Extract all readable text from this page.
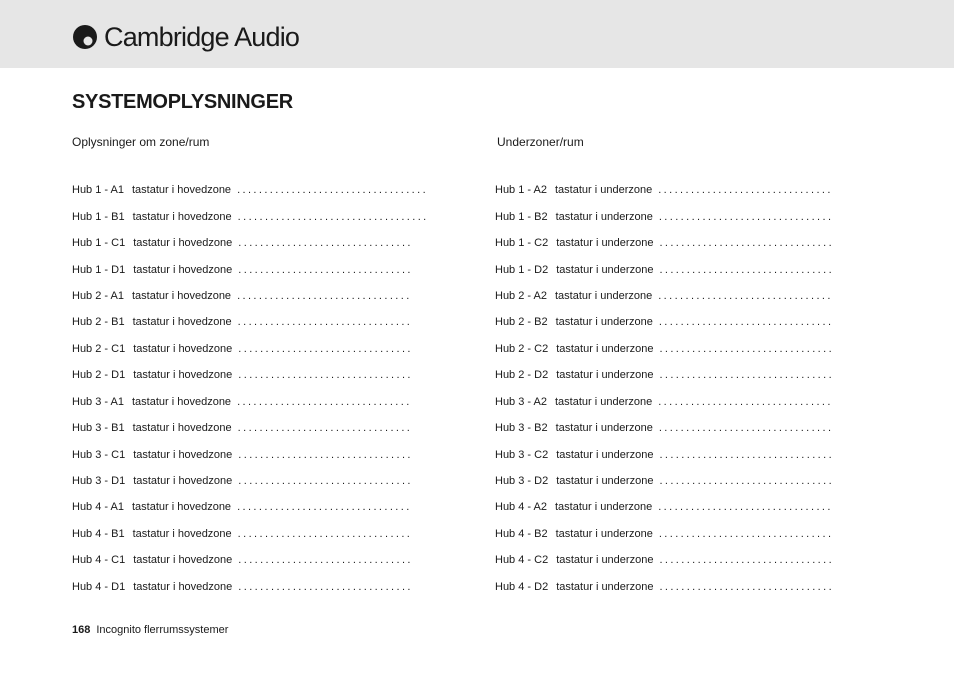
Cambridge Audio
SYSTEMOPLYSNINGER
Oplysninger om zone/rum	Underzoner/rum
Hub 1 - A1 tastatur i hovedzone ...................................
Hub 1 - B1 tastatur i hovedzone ...................................
Hub 1 - C1 tastatur i hovedzone ................................
Hub 1 - D1 tastatur i hovedzone ................................
Hub 2 - A1 tastatur i hovedzone ................................
Hub 2 - B1 tastatur i hovedzone ................................
Hub 2 - C1 tastatur i hovedzone ................................
Hub 2 - D1 tastatur i hovedzone ................................
Hub 3 - A1 tastatur i hovedzone ................................
Hub 3 - B1 tastatur i hovedzone ................................
Hub 3 - C1 tastatur i hovedzone ................................
Hub 3 - D1 tastatur i hovedzone ................................
Hub 4 - A1 tastatur i hovedzone ................................
Hub 4 - B1 tastatur i hovedzone ................................
Hub 4 - C1 tastatur i hovedzone ................................
Hub 4 - D1 tastatur i hovedzone ................................
Hub 1 - A2 tastatur i underzone ................................
Hub 1 - B2 tastatur i underzone ................................
Hub 1 - C2 tastatur i underzone ................................
Hub 1 - D2 tastatur i underzone ................................
Hub 2 - A2 tastatur i underzone ................................
Hub 2 - B2 tastatur i underzone ................................
Hub 2 - C2 tastatur i underzone ................................
Hub 2 - D2 tastatur i underzone ................................
Hub 3 - A2 tastatur i underzone ................................
Hub 3 - B2 tastatur i underzone ................................
Hub 3 - C2 tastatur i underzone ................................
Hub 3 - D2 tastatur i underzone ................................
Hub 4 - A2 tastatur i underzone ................................
Hub 4 - B2 tastatur i underzone ................................
Hub 4 - C2 tastatur i underzone ................................
Hub 4 - D2 tastatur i underzone ................................
168 Incognito flerrumssystemer
